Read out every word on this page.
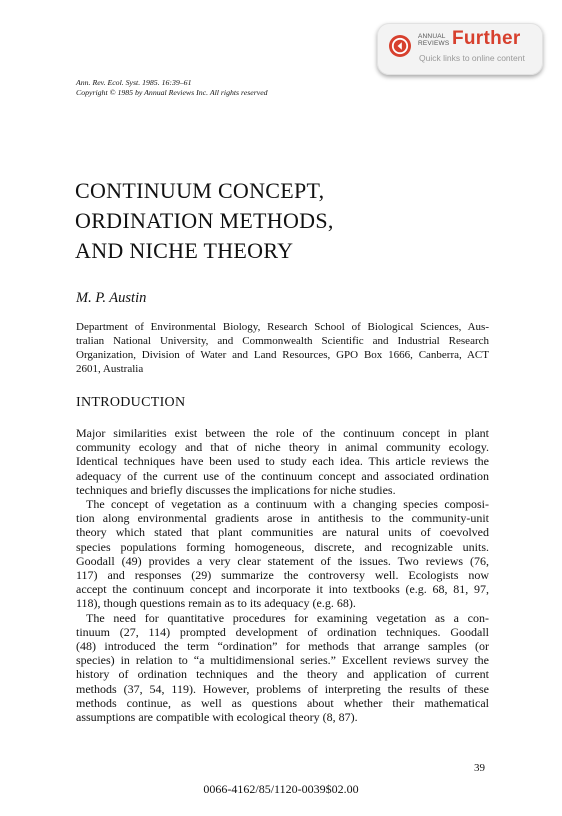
ANNUAL
REVIEWS Further
Quick links to online content
Ann. Rev. Ecol. Syst. 1985. 16:39–61
Copyright © 1985 by Annual Reviews Inc. All rights reserved
CONTINUUM CONCEPT,
ORDINATION METHODS,
AND NICHE THEORY
M. P. Austin

Department of Environmental Biology, Research School of Biological Sciences, Aus-

tralian National University, and Commonwealth Scientific and Industrial Research

Organization, Division of Water and Land Resources, GPO Box 1666, Canberra, ACT

2601, Australia

INTRODUCTION

Major similarities exist between the role of the continuum concept in plant

community ecology and that of niche theory in animal community ecology.

Identical techniques have been used to study each idea. This article reviews the

adequacy of the current use of the continuum concept and associated ordination

techniques and briefly discusses the implications for niche studies.

The concept of vegetation as a continuum with a changing species composi-

tion along environmental gradients arose in antithesis to the community-unit

theory which stated that plant communities are natural units of coevolved

species populations forming homogeneous, discrete, and recognizable units.

Goodall (49) provides a very clear statement of the issues. Two reviews (76,

117) and responses (29) summarize the controversy well. Ecologists now

accept the continuum concept and incorporate it into textbooks (e.g. 68, 81, 97,

118), though questions remain as to its adequacy (e.g. 68).

The need for quantitative procedures for examining vegetation as a con-

tinuum (27, 114) prompted development of ordination techniques. Goodall

(48) introduced the term “ordination” for methods that arrange samples (or

species) in relation to “a multidimensional series.” Excellent reviews survey the

history of ordination techniques and the theory and application of current

methods (37, 54, 119). However, problems of interpreting the results of these

methods continue, as well as questions about whether their mathematical

assumptions are compatible with ecological theory (8, 87).

39
0066-4162/85/1120-0039$02.00
